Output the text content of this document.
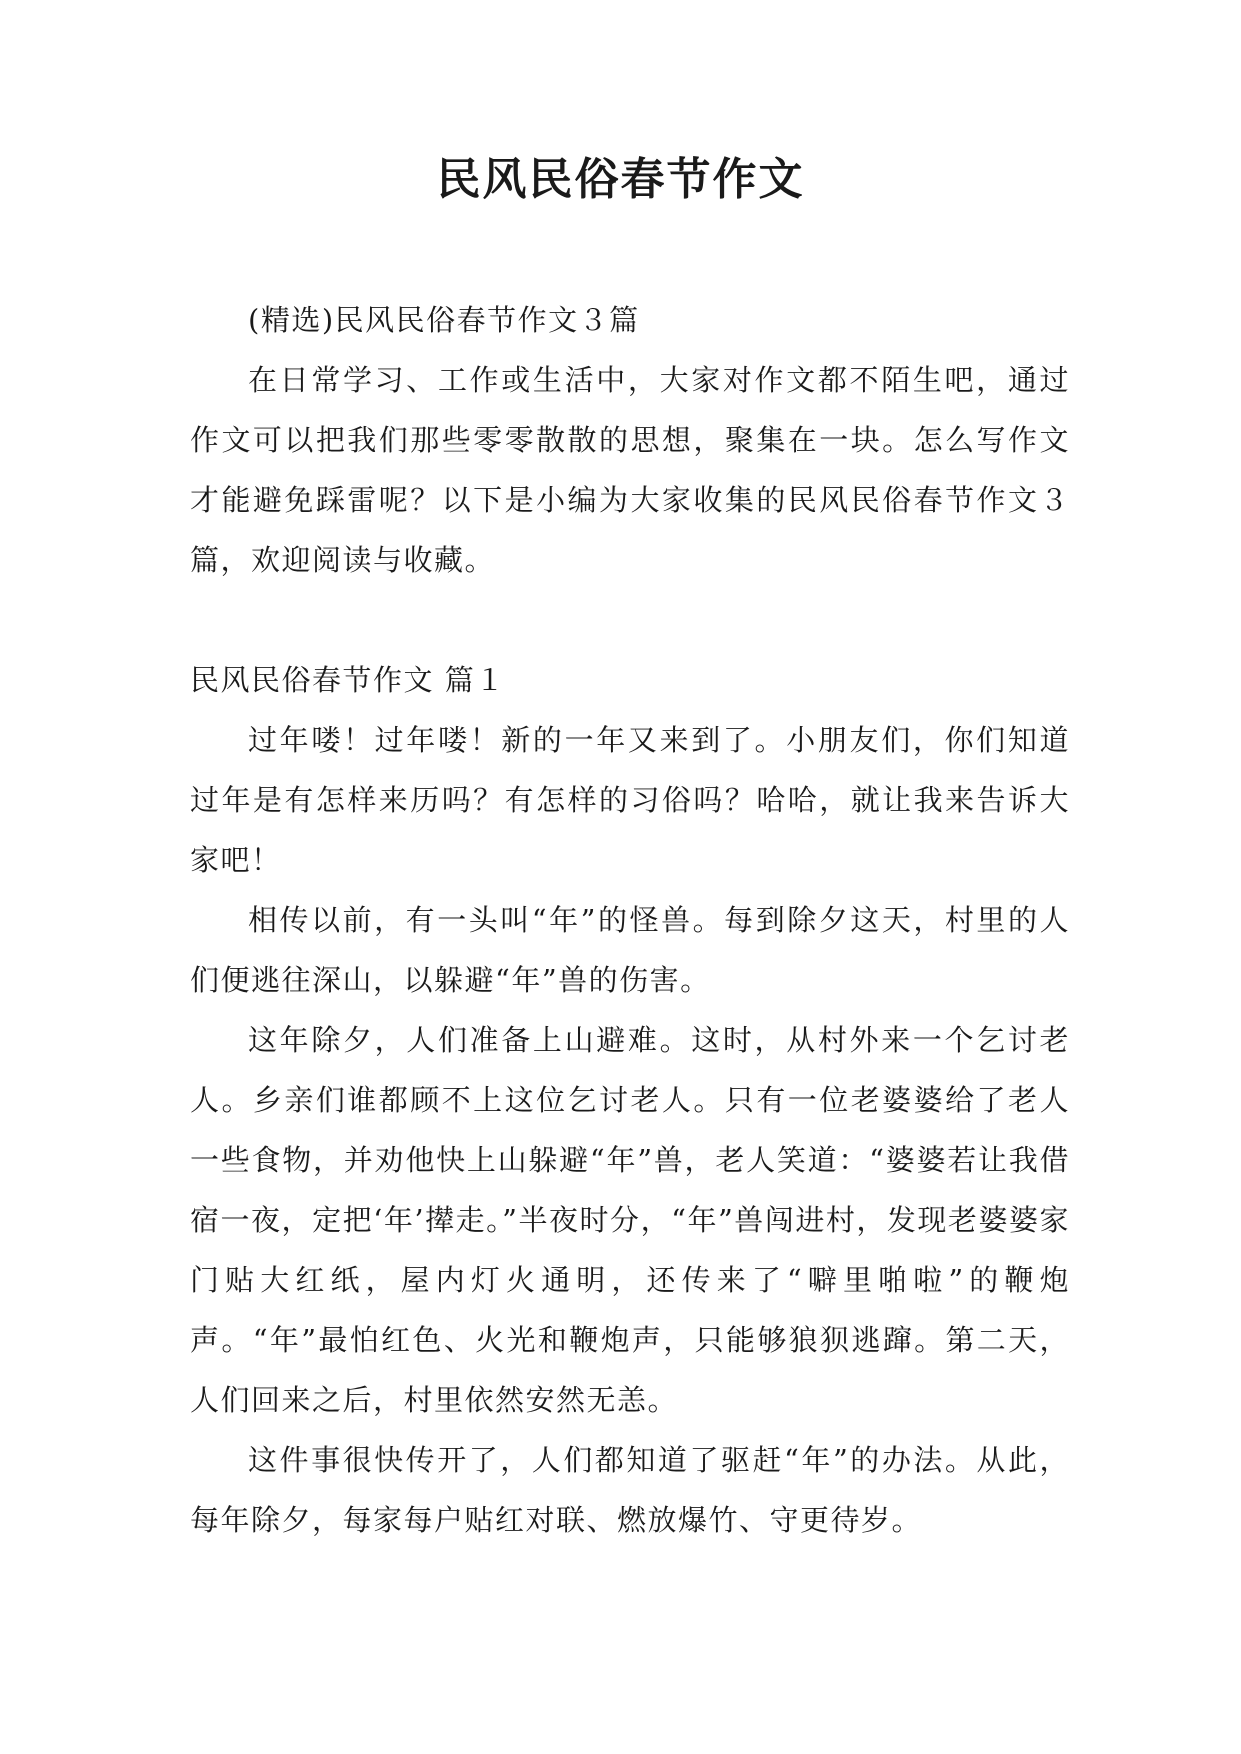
民风民俗春节作文

(精选)民风民俗春节作文３篇

在日常学习、工作或生活中，大家对作文都不陌生吧，通过作文可以把我们那些零零散散的思想，聚集在一块。怎么写作文才能避免踩雷呢？以下是小编为大家收集的民风民俗春节作文３篇，欢迎阅读与收藏。

民风民俗春节作文 篇１

过年喽！过年喽！新的一年又来到了。小朋友们，你们知道过年是有怎样来历吗？有怎样的习俗吗？哈哈，就让我来告诉大家吧！

相传以前，有一头叫“年”的怪兽。每到除夕这天，村里的人们便逃往深山，以躲避“年”兽的伤害。

这年除夕，人们准备上山避难。这时，从村外来一个乞讨老人。乡亲们谁都顾不上这位乞讨老人。只有一位老婆婆给了老人一些食物，并劝他快上山躲避“年”兽，老人笑道：“婆婆若让我借宿一夜，定把‘年’撵走。”半夜时分，“年”兽闯进村，发现老婆婆家门贴大红纸，屋内灯火通明，还传来了“噼里啪啦”的鞭炮声。“年”最怕红色、火光和鞭炮声，只能够狼狈逃蹿。第二天，人们回来之后，村里依然安然无恙。

这件事很快传开了，人们都知道了驱赶“年”的办法。从此，每年除夕，每家每户贴红对联、燃放爆竹、守更待岁。
